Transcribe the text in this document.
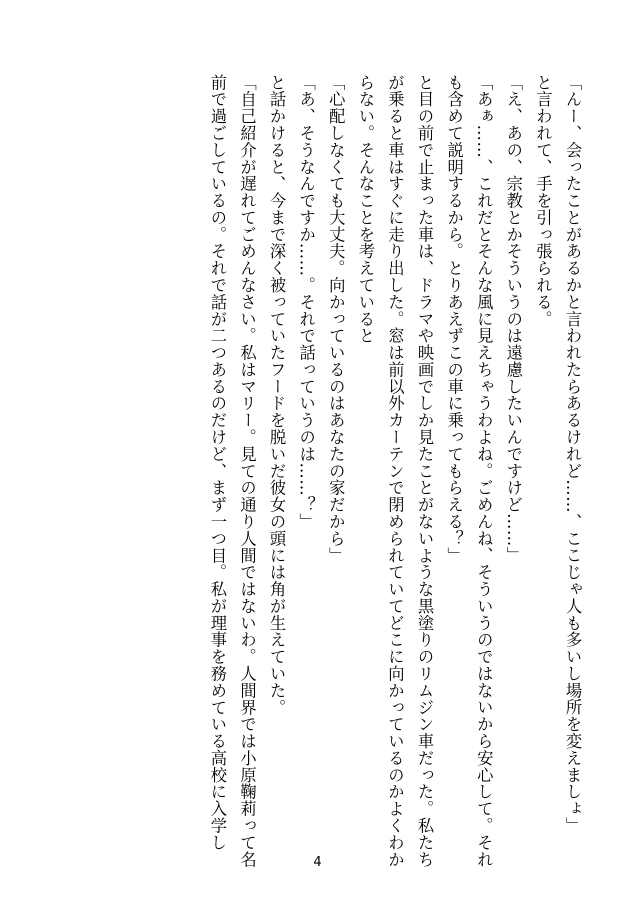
「んー、会ったことがあるかと言われたらあるけれど……、ここじゃ人も多いし場所を変えましょ」

と言われて、手を引っ張られる。

「え、あの、宗教とかそういうのは遠慮したいんですけど……」

「あぁ……、これだとそんな風に見えちゃうわよね。ごめんね、そういうのではないから安心して。それ

も含めて説明するから。とりあえずこの車に乗ってもらえる？」

と目の前で止まった車は、ドラマや映画でしか見たことがないような黒塗りのリムジン車だった。私たち

が乗ると車はすぐに走り出した。窓は前以外カーテンで閉められていてどこに向かっているのかよくわか

らない。そんなことを考えていると

「心配しなくても大丈夫。向かっているのはあなたの家だから」

「あ、そうなんですか……。それで話っていうのは……？」

と話かけると、今まで深く被っていたフードを脱いだ彼女の頭には角が生えていた。

「自己紹介が遅れてごめんなさい。私はマリー。見ての通り人間ではないわ。人間界では小原鞠莉って名

前で過ごしているの。それで話が二つあるのだけど、まず一つ目。私が理事を務めている高校に入学し

4
